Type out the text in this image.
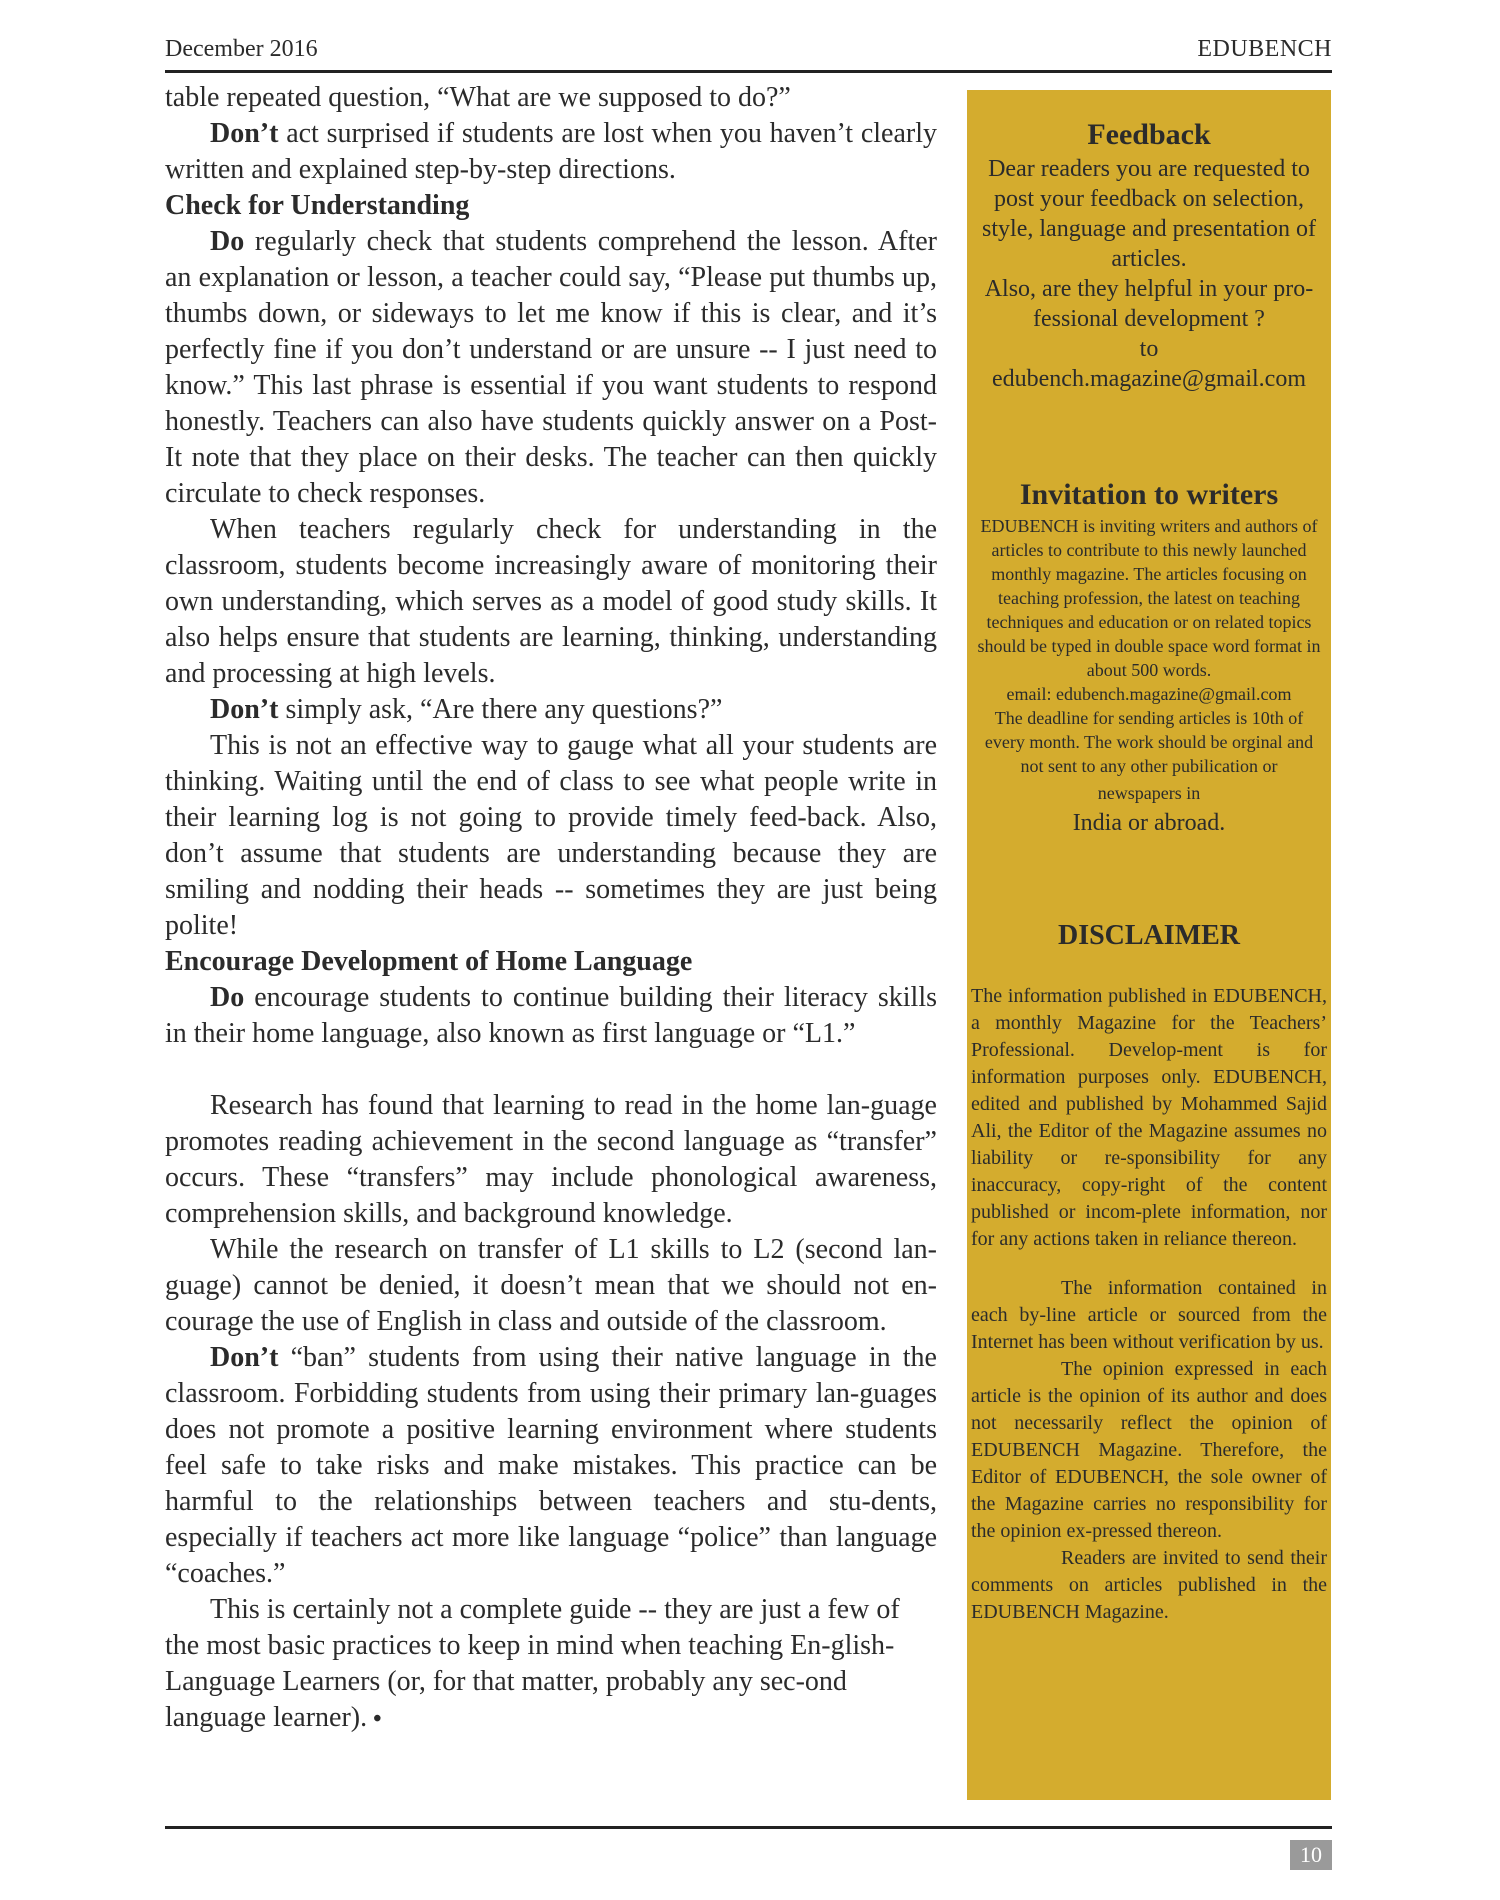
December 2016	EDUBENCH

table repeated question, “What are we supposed to do?”

Don’t act surprised if students are lost when you haven’t clearly written and explained step-by-step directions.

Check for Understanding

Do regularly check that students comprehend the lesson. After an explanation or lesson, a teacher could say, “Please put thumbs up, thumbs down, or sideways to let me know if this is clear, and it’s perfectly fine if you don’t understand or are unsure -- I just need to know.” This last phrase is essential if you want students to respond honestly. Teachers can also have students quickly answer on a Post-It note that they place on their desks. The teacher can then quickly circulate to check responses.

When teachers regularly check for understanding in the classroom, students become increasingly aware of monitoring their own understanding, which serves as a model of good study skills. It also helps ensure that students are learning, thinking, understanding and processing at high levels.

Don’t simply ask, “Are there any questions?”

This is not an effective way to gauge what all your students are thinking. Waiting until the end of class to see what people write in their learning log is not going to provide timely feed-back. Also, don’t assume that students are understanding because they are smiling and nodding their heads -- sometimes they are just being polite!

Encourage Development of Home Language

Do encourage students to continue building their literacy skills in their home language, also known as first language or “L1.”

Research has found that learning to read in the home lan-guage promotes reading achievement in the second language as “transfer” occurs. These “transfers” may include phonological awareness, comprehension skills, and background knowledge.

While the research on transfer of L1 skills to L2 (second lan-guage) cannot be denied, it doesn’t mean that we should not en-courage the use of English in class and outside of the classroom.

Don’t “ban” students from using their native language in the classroom. Forbidding students from using their primary lan-guages does not promote a positive learning environment where students feel safe to take risks and make mistakes. This practice can be harmful to the relationships between teachers and stu-dents, especially if teachers act more like language “police” than language “coaches.”

This is certainly not a complete guide -- they are just a few of the most basic practices to keep in mind when teaching En-glish-Language Learners (or, for that matter, probably any sec-ond language learner). •

Feedback
Dear readers you are requested to post your feedback on selection, style, language and presentation of articles.
Also, are they helpful in your pro-fessional development ?
to
edubench.magazine@gmail.com
Invitation to writers
EDUBENCH is inviting writers and authors of articles to contribute to this newly launched monthly magazine. The articles focusing on teaching profession, the latest on teaching techniques and education or on related topics should be typed in double space word format in about 500 words.
email: edubench.magazine@gmail.com
The deadline for sending articles is 10th of every month. The work should be orginal and not sent to any other pubilication or
newspapers in
India or abroad.
DISCLAIMER

The information published in EDUBENCH, a monthly Magazine for the Teachers’ Professional. Develop-ment is for information purposes only. EDUBENCH, edited and published by Mohammed Sajid Ali, the Editor of the Magazine assumes no liability or re-sponsibility for any inaccuracy, copy-right of the content published or incom-plete information, nor for any actions taken in reliance thereon.

The information contained in each by-line article or sourced from the Internet has been without verification by us.

The opinion expressed in each article is the opinion of its author and does not necessarily reflect the opinion of EDUBENCH Magazine. Therefore, the Editor of EDUBENCH, the sole owner of the Magazine carries no responsibility for the opinion ex-pressed thereon.

Readers are invited to send their comments on articles published in the EDUBENCH Magazine.

10
